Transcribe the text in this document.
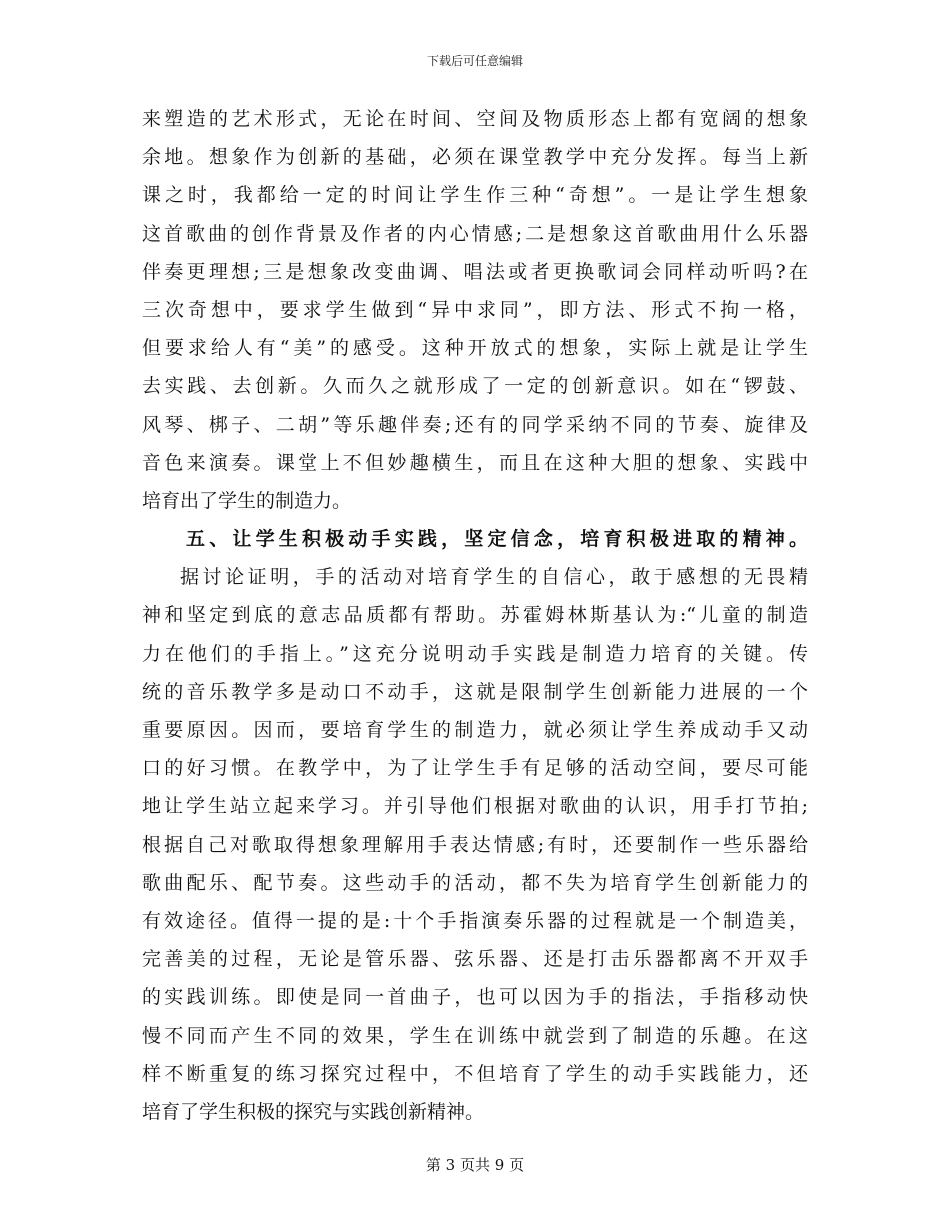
下载后可任意编辑
来塑造的艺术形式，无论在时间、空间及物质形态上都有宽阔的想象
余地。想象作为创新的基础，必须在课堂教学中充分发挥。每当上新
课之时，我都给一定的时间让学生作三种“奇想”。一是让学生想象
这首歌曲的创作背景及作者的内心情感;二是想象这首歌曲用什么乐器
伴奏更理想;三是想象改变曲调、唱法或者更换歌词会同样动听吗?在
三次奇想中，要求学生做到“异中求同”，即方法、形式不拘一格，
但要求给人有“美”的感受。这种开放式的想象，实际上就是让学生
去实践、去创新。久而久之就形成了一定的创新意识。如在“锣鼓、
风琴、梆子、二胡”等乐趣伴奏;还有的同学采纳不同的节奏、旋律及
音色来演奏。课堂上不但妙趣横生，而且在这种大胆的想象、实践中
培育出了学生的制造力。
五、让学生积极动手实践，坚定信念，培育积极进取的精神。
据讨论证明，手的活动对培育学生的自信心，敢于感想的无畏精
神和坚定到底的意志品质都有帮助。苏霍姆林斯基认为:“儿童的制造
力在他们的手指上。”这充分说明动手实践是制造力培育的关键。传
统的音乐教学多是动口不动手，这就是限制学生创新能力进展的一个
重要原因。因而，要培育学生的制造力，就必须让学生养成动手又动
口的好习惯。在教学中，为了让学生手有足够的活动空间，要尽可能
地让学生站立起来学习。并引导他们根据对歌曲的认识，用手打节拍;
根据自己对歌取得想象理解用手表达情感;有时，还要制作一些乐器给
歌曲配乐、配节奏。这些动手的活动，都不失为培育学生创新能力的
有效途径。值得一提的是:十个手指演奏乐器的过程就是一个制造美，
完善美的过程，无论是管乐器、弦乐器、还是打击乐器都离不开双手
的实践训练。即使是同一首曲子，也可以因为手的指法，手指移动快
慢不同而产生不同的效果，学生在训练中就尝到了制造的乐趣。在这
样不断重复的练习探究过程中，不但培育了学生的动手实践能力，还
培育了学生积极的探究与实践创新精神。
第 3 页共 9 页
